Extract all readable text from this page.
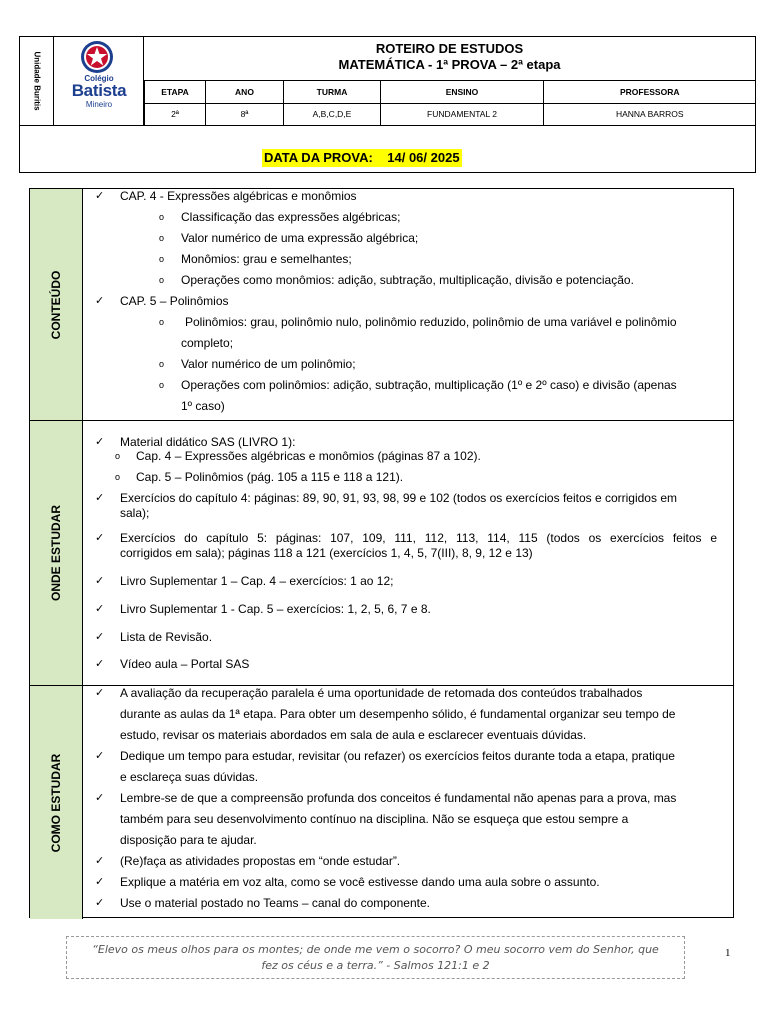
Unidade Buritis	Colégio
Batista
Mineiro
ROTEIRO DE ESTUDOS
MATEMÁTICA - 1ª PROVA – 2ª etapa
ETAPA	ANO	TURMA	ENSINO	PROFESSORA
2ª	8ª	A,B,C,D,E	FUNDAMENTAL 2	HANNA BARROS
DATA DA PROVA: 14/ 06/ 2025
CONTEÚDO
✓ CAP. 4 - Expressões algébricas e monômios
o Classificação das expressões algébricas;
o Valor numérico de uma expressão algébrica;
o Monômios: grau e semelhantes;
o Operações como monômios: adição, subtração, multiplicação, divisão e potenciação.
✓ CAP. 5 – Polinômios
o Polinômios: grau, polinômio nulo, polinômio reduzido, polinômio de uma variável e polinômio
completo;
o Valor numérico de um polinômio;
o Operações com polinômios: adição, subtração, multiplicação (1º e 2º caso) e divisão (apenas
1º caso)
ONDE ESTUDAR
✓ Material didático SAS (LIVRO 1):
o Cap. 4 – Expressões algébricas e monômios (páginas 87 a 102).
o Cap. 5 – Polinômios (pág. 105 a 115 e 118 a 121).
✓ Exercícios do capítulo 4: páginas: 89, 90, 91, 93, 98, 99 e 102 (todos os exercícios feitos e corrigidos em
sala);
✓ Exercícios do capítulo 5: páginas: 107, 109, 111, 112, 113, 114, 115 (todos os exercícios feitos e
corrigidos em sala); páginas 118 a 121 (exercícios 1, 4, 5, 7(III), 8, 9, 12 e 13)
✓ Livro Suplementar 1 – Cap. 4 – exercícios: 1 ao 12;
✓ Livro Suplementar 1 - Cap. 5 – exercícios: 1, 2, 5, 6, 7 e 8.
✓ Lista de Revisão.
✓ Vídeo aula – Portal SAS
COMO ESTUDAR
✓ A avaliação da recuperação paralela é uma oportunidade de retomada dos conteúdos trabalhados
durante as aulas da 1ª etapa. Para obter um desempenho sólido, é fundamental organizar seu tempo de
estudo, revisar os materiais abordados em sala de aula e esclarecer eventuais dúvidas.
✓ Dedique um tempo para estudar, revisitar (ou refazer) os exercícios feitos durante toda a etapa, pratique
e esclareça suas dúvidas.
✓ Lembre-se de que a compreensão profunda dos conceitos é fundamental não apenas para a prova, mas
também para seu desenvolvimento contínuo na disciplina. Não se esqueça que estou sempre a
disposição para te ajudar.
✓ (Re)faça as atividades propostas em “onde estudar”.
✓ Explique a matéria em voz alta, como se você estivesse dando uma aula sobre o assunto.
✓ Use o material postado no Teams – canal do componente.
“Elevo os meus olhos para os montes; de onde me vem o socorro? O meu socorro vem do Senhor, que
fez os céus e a terra.” - Salmos 121:1 e 2
1
